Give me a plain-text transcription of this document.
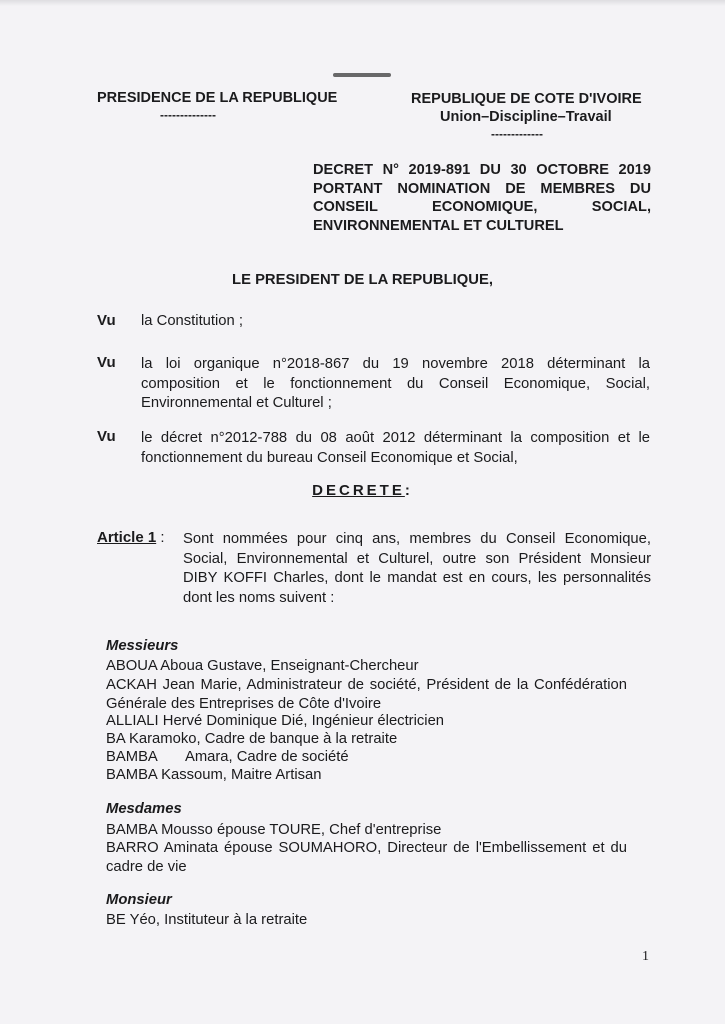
PRESIDENCE DE LA REPUBLIQUE
--------------
REPUBLIQUE DE COTE D'IVOIRE
Union–Discipline–Travail
-------------
DECRET N° 2019-891 DU 30 OCTOBRE 2019
PORTANT NOMINATION DE MEMBRES DU
CONSEIL ECONOMIQUE, SOCIAL,
ENVIRONNEMENTAL ET CULTUREL
LE PRESIDENT DE LA REPUBLIQUE,
Vu la Constitution ;
Vu la loi organique n°2018-867 du 19 novembre 2018 déterminant la composition et le fonctionnement du Conseil Economique, Social, Environnemental et Culturel ;
Vu le décret n°2012-788 du 08 août 2012 déterminant la composition et le fonctionnement du bureau Conseil Economique et Social,
DECRETE:
Article 1 : Sont nommées pour cinq ans, membres du Conseil Economique, Social, Environnemental et Culturel, outre son Président Monsieur DIBY KOFFI Charles, dont le mandat est en cours, les personnalités dont les noms suivent :
Messieurs
ABOUA Aboua Gustave, Enseignant-Chercheur
ACKAH Jean Marie, Administrateur de société, Président de la Confédération Générale des Entreprises de Côte d'Ivoire
ALLIALI Hervé Dominique Dié, Ingénieur électricien
BA Karamoko, Cadre de banque à la retraite
BAMBA       Amara, Cadre de société
BAMBA Kassoum, Maitre Artisan
Mesdames
BAMBA Mousso épouse TOURE, Chef d'entreprise
BARRO Aminata épouse SOUMAHORO, Directeur de l'Embellissement et du cadre de vie
Monsieur
BE Yéo, Instituteur à la retraite
1
